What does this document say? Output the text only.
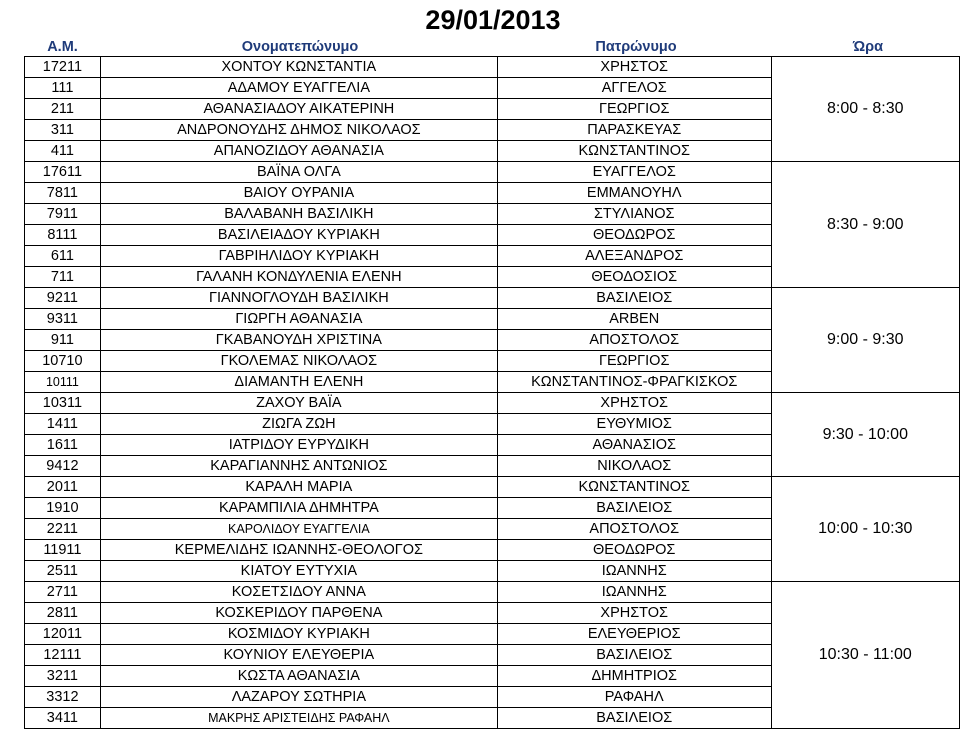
29/01/2013
Α.Μ.	Ονοματεπώνυμο	Πατρώνυμο	Ώρα
17211	ΧΟΝΤΟΥ ΚΩΝΣΤΑΝΤΙΑ	ΧΡΗΣΤΟΣ	8:00 - 8:30
111	ΑΔΑΜΟΥ ΕΥΑΓΓΕΛΙΑ	ΑΓΓΕΛΟΣ	
211	ΑΘΑΝΑΣΙΑΔΟΥ ΑΙΚΑΤΕΡΙΝΗ	ΓΕΩΡΓΙΟΣ	
311	ΑΝΔΡΟΝΟΥΔΗΣ ΔΗΜΟΣ ΝΙΚΟΛΑΟΣ	ΠΑΡΑΣΚΕΥΑΣ	
411	ΑΠΑΝΟΖΙΔΟΥ ΑΘΑΝΑΣΙΑ	ΚΩΝΣΤΑΝΤΙΝΟΣ	
17611	ΒΑΪΝΑ ΟΛΓΑ	ΕΥΑΓΓΕΛΟΣ	8:30 - 9:00
7811	ΒΑΙΟΥ ΟΥΡΑΝΙΑ	ΕΜΜΑΝΟΥΗΛ	
7911	ΒΑΛΑΒΑΝΗ ΒΑΣΙΛΙΚΗ	ΣΤΥΛΙΑΝΟΣ	
8111	ΒΑΣΙΛΕΙΑΔΟΥ ΚΥΡΙΑΚΗ	ΘΕΟΔΩΡΟΣ	
611	ΓΑΒΡΙΗΛΙΔΟΥ ΚΥΡΙΑΚΗ	ΑΛΕΞΑΝΔΡΟΣ	
711	ΓΑΛΑΝΗ ΚΟΝΔΥΛΕΝΙΑ ΕΛΕΝΗ	ΘΕΟΔΟΣΙΟΣ	
9211	ΓΙΑΝΝΟΓΛΟΥΔΗ ΒΑΣΙΛΙΚΗ	ΒΑΣΙΛΕΙΟΣ	9:00 - 9:30
9311	ΓΙΩΡΓΗ ΑΘΑΝΑΣΙΑ	ARBEN	
911	ΓΚΑΒΑΝΟΥΔΗ ΧΡΙΣΤΙΝΑ	ΑΠΟΣΤΟΛΟΣ	
10710	ΓΚΟΛΕΜΑΣ ΝΙΚΟΛΑΟΣ	ΓΕΩΡΓΙΟΣ	
10111	ΔΙΑΜΑΝΤΗ ΕΛΕΝΗ	ΚΩΝΣΤΑΝΤΙΝΟΣ-ΦΡΑΓΚΙΣΚΟΣ	
10311	ΖΑΧΟΥ ΒΑΪΑ	ΧΡΗΣΤΟΣ	9:30 - 10:00
1411	ΖΙΩΓΑ ΖΩΗ	ΕΥΘΥΜΙΟΣ	
1611	ΙΑΤΡΙΔΟΥ ΕΥΡΥΔΙΚΗ	ΑΘΑΝΑΣΙΟΣ	
9412	ΚΑΡΑΓΙΑΝΝΗΣ ΑΝΤΩΝΙΟΣ	ΝΙΚΟΛΑΟΣ	
2011	ΚΑΡΑΛΗ ΜΑΡΙΑ	ΚΩΝΣΤΑΝΤΙΝΟΣ	10:00 - 10:30
1910	ΚΑΡΑΜΠΙΛΙΑ ΔΗΜΗΤΡΑ	ΒΑΣΙΛΕΙΟΣ	
2211	ΚΑΡΟΛΙΔΟΥ ΕΥΑΓΓΕΛΙΑ	ΑΠΟΣΤΟΛΟΣ	
11911	ΚΕΡΜΕΛΙΔΗΣ ΙΩΑΝΝΗΣ-ΘΕΟΛΟΓΟΣ	ΘΕΟΔΩΡΟΣ	
2511	ΚΙΑΤΟΥ ΕΥΤΥΧΙΑ	ΙΩΑΝΝΗΣ	
2711	ΚΟΣΕΤΣΙΔΟΥ ΑΝΝΑ	ΙΩΑΝΝΗΣ	10:30 - 11:00
2811	ΚΟΣΚΕΡΙΔΟΥ ΠΑΡΘΕΝΑ	ΧΡΗΣΤΟΣ	
12011	ΚΟΣΜΙΔΟΥ ΚΥΡΙΑΚΗ	ΕΛΕΥΘΕΡΙΟΣ	
12111	ΚΟΥΝΙΟΥ ΕΛΕΥΘΕΡΙΑ	ΒΑΣΙΛΕΙΟΣ	
3211	ΚΩΣΤΑ ΑΘΑΝΑΣΙΑ	ΔΗΜΗΤΡΙΟΣ	
3312	ΛΑΖΑΡΟΥ ΣΩΤΗΡΙΑ	ΡΑΦΑΗΛ	
3411	ΜΑΚΡΗΣ ΑΡΙΣΤΕΙΔΗΣ ΡΑΦΑΗΛ	ΒΑΣΙΛΕΙΟΣ	
